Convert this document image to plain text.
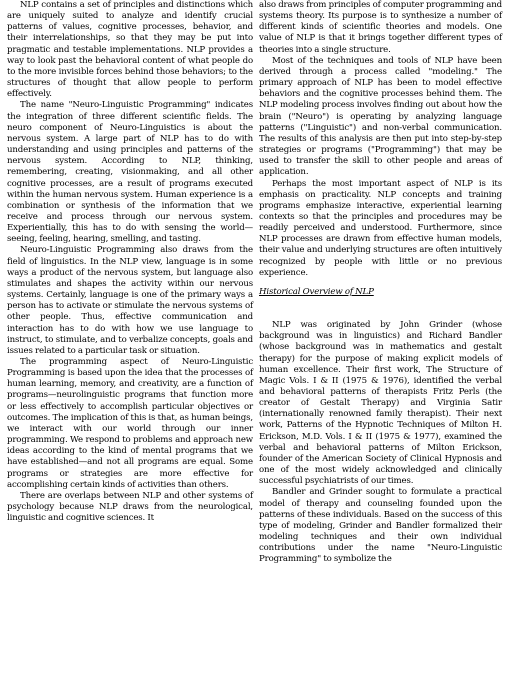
NLP contains a set of principles and distinctions which are uniquely suited to analyze and identify crucial patterns of values, cognitive processes, behavior, and their interrelationships, so that they may be put into pragmatic and testable implementations. NLP provides a way to look past the behavioral content of what people do to the more invisible forces behind those behaviors; to the structures of thought that allow people to perform effectively.

The name "Neuro-Linguistic Programming" indicates the integration of three different scientific fields. The neuro component of Neuro-Linguistics is about the nervous system. A large part of NLP has to do with understanding and using principles and patterns of the nervous system. According to NLP, thinking, remembering, creating, visionmaking, and all other cognitive processes, are a result of programs executed within the human nervous system. Human experience is a combination or synthesis of the information that we receive and process through our nervous system. Experientially, this has to do with sensing the world—seeing, feeling, hearing, smelling, and tasting.

Neuro-Linguistic Programming also draws from the field of linguistics. In the NLP view, language is in some ways a product of the nervous system, but language also stimulates and shapes the activity within our nervous systems. Certainly, language is one of the primary ways a person has to activate or stimulate the nervous systems of other people. Thus, effective communication and interaction has to do with how we use language to instruct, to stimulate, and to verbalize concepts, goals and issues related to a particular task or situation.

The programming aspect of Neuro-Linguistic Programming is based upon the idea that the processes of human learning, memory, and creativity, are a function of programs—neurolinguistic programs that function more or less effectively to accomplish particular objectives or outcomes. The implication of this is that, as human beings, we interact with our world through our inner programming. We respond to problems and approach new ideas according to the kind of mental programs that we have established—and not all programs are equal. Some programs or strategies are more effective for accomplishing certain kinds of activities than others.

There are overlaps between NLP and other systems of psychology because NLP draws from the neurological, linguistic and cognitive sciences. It

also draws from principles of computer programming and systems theory. Its purpose is to synthesize a number of different kinds of scientific theories and models. One value of NLP is that it brings together different types of theories into a single structure.

Most of the techniques and tools of NLP have been derived through a process called "modeling." The primary approach of NLP has been to model effective behaviors and the cognitive processes behind them. The NLP modeling process involves finding out about how the brain ("Neuro") is operating by analyzing language patterns ("Linguistic") and non-verbal communication. The results of this analysis are then put into step-by-step strategies or programs ("Programming") that may be used to transfer the skill to other people and areas of application.

Perhaps the most important aspect of NLP is its emphasis on practicality. NLP concepts and training programs emphasize interactive, experiential learning contexts so that the principles and procedures may be readily perceived and understood. Furthermore, since NLP processes are drawn from effective human models, their value and underlying structures are often intuitively recognized by people with little or no previous experience.

Historical Overview of NLP

NLP was originated by John Grinder (whose background was in linguistics) and Richard Bandler (whose background was in mathematics and gestalt therapy) for the purpose of making explicit models of human excellence. Their first work, The Structure of Magic Vols. I & II (1975 & 1976), identified the verbal and behavioral patterns of therapists Fritz Perls (the creator of Gestalt Therapy) and Virginia Satir (internationally renowned family therapist). Their next work, Patterns of the Hypnotic Techniques of Milton H. Erickson, M.D. Vols. I & II (1975 & 1977), examined the verbal and behavioral patterns of Milton Erickson, founder of the American Society of Clinical Hypnosis and one of the most widely acknowledged and clinically successful psychiatrists of our times.

Bandler and Grinder sought to formulate a practical model of therapy and counseling founded upon the patterns of these individuals. Based on the success of this type of modeling, Grinder and Bandler formalized their modeling techniques and their own individual contributions under the name "Neuro-Linguistic Programming" to symbolize the
